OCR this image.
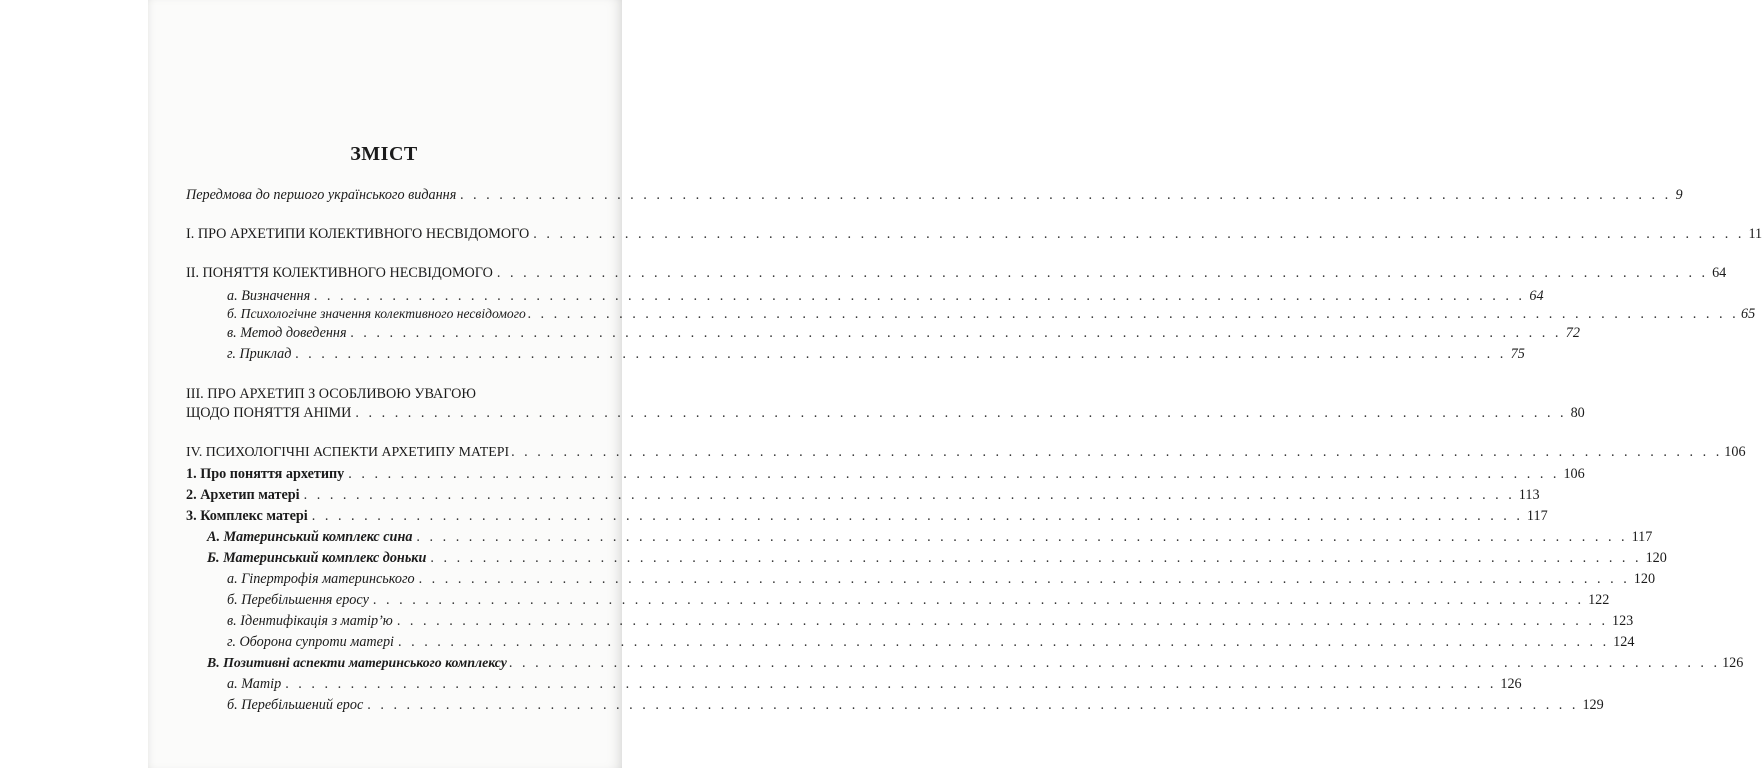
ЗМІСТ
Передмова до першого українського видання . . . . . . . . . . . . . . . . . . . . . . . . . . . . . . . . . . . . . . . . . . . . . . . . . . . . . . . . . . . . . . . . . . . . . . . . . . . . . . . . . . . . . . . . . . . . . 9
І. ПРО АРХЕТИПИ КОЛЕКТИВНОГО НЕСВІДОМОГО . . . . . . . . . . . . . . . . . . . . . . . . . . . . . . . . . . . . . . . . . . . . . . . . . . . . . . . . . . . . . . . . . . . . . . . . . . . . . . . . . . . . . . . . . . . . . 11
ІІ. ПОНЯТТЯ КОЛЕКТИВНОГО НЕСВІДОМОГО . . . . . . . . . . . . . . . . . . . . . . . . . . . . . . . . . . . . . . . . . . . . . . . . . . . . . . . . . . . . . . . . . . . . . . . . . . . . . . . . . . . . . . . . . . . . . 64
а. Визначення . . . . . . . . . . . . . . . . . . . . . . . . . . . . . . . . . . . . . . . . . . . . . . . . . . . . . . . . . . . . . . . . . . . . . . . . . . . . . . . . . . . . . . . . . . . . . 64
б. Психологічне значення колективного несвідомого . . . . . . . . . . . . . . . . . . . . . . . . . . . . . . . . . . . . . . . . . . . . . . . . . . . . . . . . . . . . . . . . . . . . . . . . . . . . . . . . . . . . . . . . . . . . . 65
в. Метод доведення . . . . . . . . . . . . . . . . . . . . . . . . . . . . . . . . . . . . . . . . . . . . . . . . . . . . . . . . . . . . . . . . . . . . . . . . . . . . . . . . . . . . . . . . . . . . . 72
г. Приклад . . . . . . . . . . . . . . . . . . . . . . . . . . . . . . . . . . . . . . . . . . . . . . . . . . . . . . . . . . . . . . . . . . . . . . . . . . . . . . . . . . . . . . . . . . . . . 75
ІІІ. ПРО АРХЕТИП З ОСОБЛИВОЮ УВАГОЮ
ЩОДО ПОНЯТТЯ АНІМИ . . . . . . . . . . . . . . . . . . . . . . . . . . . . . . . . . . . . . . . . . . . . . . . . . . . . . . . . . . . . . . . . . . . . . . . . . . . . . . . . . . . . . . . . . . . . . 80
IV. ПСИХОЛОГІЧНІ АСПЕКТИ АРХЕТИПУ МАТЕРІ . . . . . . . . . . . . . . . . . . . . . . . . . . . . . . . . . . . . . . . . . . . . . . . . . . . . . . . . . . . . . . . . . . . . . . . . . . . . . . . . . . . . . . . . . . . . . 106
1. Про поняття архетипу . . . . . . . . . . . . . . . . . . . . . . . . . . . . . . . . . . . . . . . . . . . . . . . . . . . . . . . . . . . . . . . . . . . . . . . . . . . . . . . . . . . . . . . . . . . . . 106
2. Архетип матері . . . . . . . . . . . . . . . . . . . . . . . . . . . . . . . . . . . . . . . . . . . . . . . . . . . . . . . . . . . . . . . . . . . . . . . . . . . . . . . . . . . . . . . . . . . . . 113
3. Комплекс матері . . . . . . . . . . . . . . . . . . . . . . . . . . . . . . . . . . . . . . . . . . . . . . . . . . . . . . . . . . . . . . . . . . . . . . . . . . . . . . . . . . . . . . . . . . . . . 117
А. Материнський комплекс сина . . . . . . . . . . . . . . . . . . . . . . . . . . . . . . . . . . . . . . . . . . . . . . . . . . . . . . . . . . . . . . . . . . . . . . . . . . . . . . . . . . . . . . . . . . . . . 117
Б. Материнський комплекс доньки . . . . . . . . . . . . . . . . . . . . . . . . . . . . . . . . . . . . . . . . . . . . . . . . . . . . . . . . . . . . . . . . . . . . . . . . . . . . . . . . . . . . . . . . . . . . . 120
а. Гіпертрофія материнського . . . . . . . . . . . . . . . . . . . . . . . . . . . . . . . . . . . . . . . . . . . . . . . . . . . . . . . . . . . . . . . . . . . . . . . . . . . . . . . . . . . . . . . . . . . . . 120
б. Перебільшення еросу . . . . . . . . . . . . . . . . . . . . . . . . . . . . . . . . . . . . . . . . . . . . . . . . . . . . . . . . . . . . . . . . . . . . . . . . . . . . . . . . . . . . . . . . . . . . . 122
в. Ідентифікація з матір’ю . . . . . . . . . . . . . . . . . . . . . . . . . . . . . . . . . . . . . . . . . . . . . . . . . . . . . . . . . . . . . . . . . . . . . . . . . . . . . . . . . . . . . . . . . . . . . 123
г. Оборона супроти матері . . . . . . . . . . . . . . . . . . . . . . . . . . . . . . . . . . . . . . . . . . . . . . . . . . . . . . . . . . . . . . . . . . . . . . . . . . . . . . . . . . . . . . . . . . . . . 124
В. Позитивні аспекти материнського комплексу . . . . . . . . . . . . . . . . . . . . . . . . . . . . . . . . . . . . . . . . . . . . . . . . . . . . . . . . . . . . . . . . . . . . . . . . . . . . . . . . . . . . . . . . . . . . . 126
а. Матір . . . . . . . . . . . . . . . . . . . . . . . . . . . . . . . . . . . . . . . . . . . . . . . . . . . . . . . . . . . . . . . . . . . . . . . . . . . . . . . . . . . . . . . . . . . . . 126
б. Перебільшений ерос . . . . . . . . . . . . . . . . . . . . . . . . . . . . . . . . . . . . . . . . . . . . . . . . . . . . . . . . . . . . . . . . . . . . . . . . . . . . . . . . . . . . . . . . . . . . . 129
